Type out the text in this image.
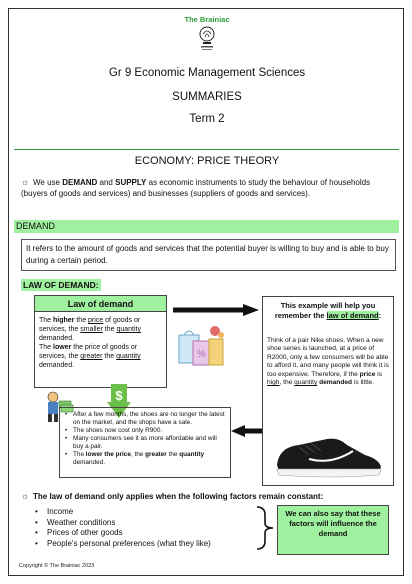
The Brainiac
Gr 9 Economic Management Sciences
SUMMARIES
Term 2
ECONOMY: PRICE THEORY
☼ We use DEMAND and SUPPLY as economic instruments to study the behaviour of households (buyers of goods and services) and businesses (suppliers of goods and services).
DEMAND
It refers to the amount of goods and services that the potential buyer is willing to buy and is able to buy during a certain period.
LAW OF DEMAND:
Law of demand
The higher the price of goods or services, the smaller the quantity demanded.
The lower the price of goods or services, the greater the quantity demanded.
%
This example will help you remember the law of demand:
Think of a pair Nike shoes. When a new shoe series is launched, at a price of R2000, only a few consumers will be able to afford it, and many people will think it is too expensive. Therefore, if the price is high, the quantity demanded is little.
$
• After a few months, the shoes are no longer the latest on the market, and the shops have a sale.
• The shoes now cost only R900.
• Many consumers see it as more affordable and will buy a pair.
• The lower the price, the greater the quantity demanded.
☼ The law of demand only applies when the following factors remain constant:
• Income
• Weather conditions
• Prices of other goods
• People's personal preferences (what they like)
We can also say that these factors will influence the
demand
Copyright © The Brainiac 2023
